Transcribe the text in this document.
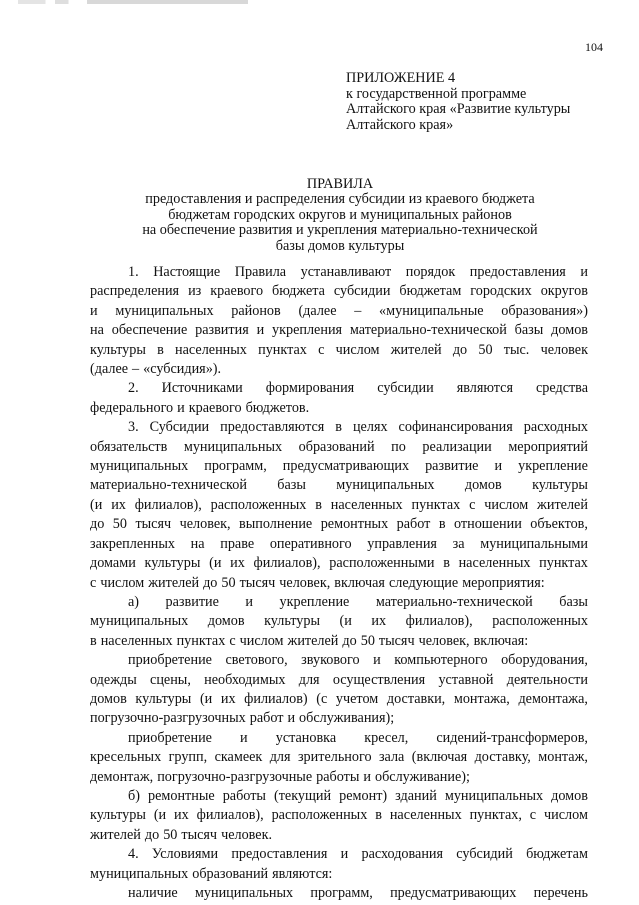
104
ПРИЛОЖЕНИЕ 4
к государственной программе
Алтайского края «Развитие культуры
Алтайского края»
ПРАВИЛА
предоставления и распределения субсидии из краевого бюджета
бюджетам городских округов и муниципальных районов
на обеспечение развития и укрепления материально-технической
базы домов культуры
1. Настоящие Правила устанавливают порядок предоставления и
распределения из краевого бюджета субсидии бюджетам городских округов
и муниципальных районов (далее – «муниципальные образования»)
на обеспечение развития и укрепления материально-технической базы домов
культуры в населенных пунктах с числом жителей до 50 тыс. человек
(далее – «субсидия»).
2. Источниками формирования субсидии являются средства
федерального и краевого бюджетов.
3. Субсидии предоставляются в целях софинансирования расходных
обязательств муниципальных образований по реализации мероприятий
муниципальных программ, предусматривающих развитие и укрепление
материально-технической базы муниципальных домов культуры
(и их филиалов), расположенных в населенных пунктах с числом жителей
до 50 тысяч человек, выполнение ремонтных работ в отношении объектов,
закрепленных на праве оперативного управления за муниципальными
домами культуры (и их филиалов), расположенными в населенных пунктах
с числом жителей до 50 тысяч человек, включая следующие мероприятия:
а) развитие и укрепление материально-технической базы
муниципальных домов культуры (и их филиалов), расположенных
в населенных пунктах с числом жителей до 50 тысяч человек, включая:
приобретение светового, звукового и компьютерного оборудования,
одежды сцены, необходимых для осуществления уставной деятельности
домов культуры (и их филиалов) (с учетом доставки, монтажа, демонтажа,
погрузочно-разгрузочных работ и обслуживания);
приобретение и установка кресел, сидений-трансформеров,
кресельных групп, скамеек для зрительного зала (включая доставку, монтаж,
демонтаж, погрузочно-разгрузочные работы и обслуживание);
б) ремонтные работы (текущий ремонт) зданий муниципальных домов
культуры (и их филиалов), расположенных в населенных пунктах, с числом
жителей до 50 тысяч человек.
4. Условиями предоставления и расходования субсидий бюджетам
муниципальных образований являются:
наличие муниципальных программ, предусматривающих перечень
